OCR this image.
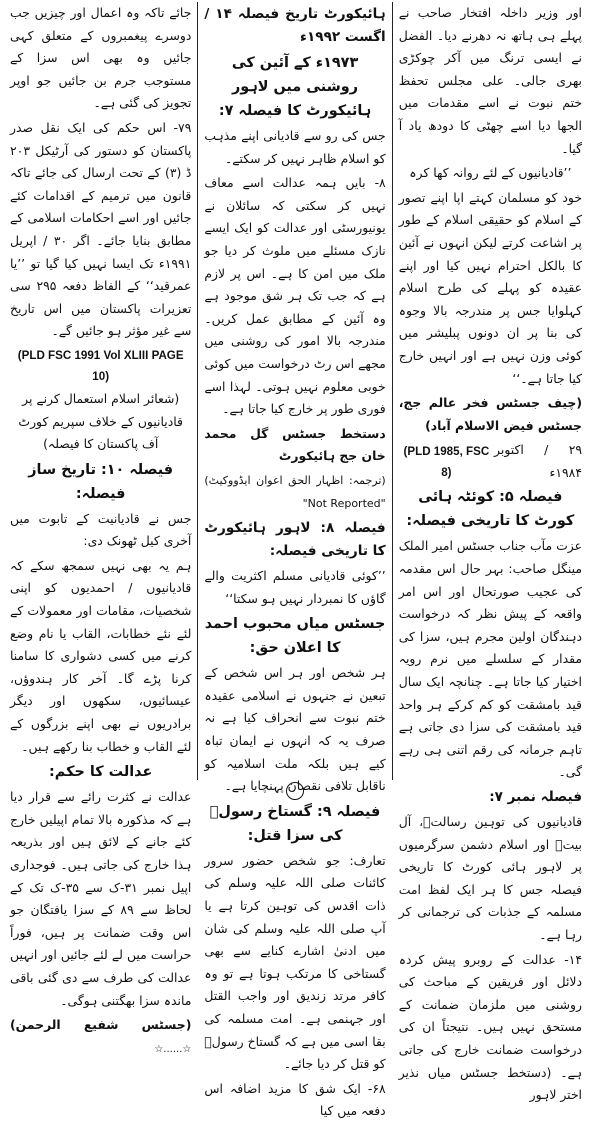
اور وزیر داخلہ افتخار صاحب نے پہلے ہی ہاتھ نہ دھرنے دیا۔ الفضل نے ایسی ترنگ میں آکر چوکڑی بھری جالی۔ علی مجلس تحفظ ختم نبوت نے اسے مقدمات میں الجھا دیا اسے چھٹی کا دودھ یاد آ گیا۔

’’قادیانیوں کے لئے روانہ کھا کرہ

خود کو مسلمان کہتے اپا اپنے تصور کے اسلام کو حقیقی اسلام کے طور پر اشاعت کرتے لیکن انہوں نے آئین کا بالکل احترام نہیں کیا اور اپنے عقیدہ کو پہلے کی طرح اسلام کہلوایا جس پر مندرجہ بالا وجوہ کی بنا پر ان دونوں پبلیشر میں کوئی وزن نہیں ہے اور انہیں خارج کیا جاتا ہے۔‘‘

(چیف جسٹس فخر عالم جج، جسٹس فیض الاسلام آباد)

۲۹ / اکتوبر ۱۹۸۴ء
(PLD 1985, FSC 8)

فیصلہ ۵: کوئٹہ ہائی کورٹ کا تاریخی فیصلہ:

عزت مآب جناب جسٹس امیر الملک مینگل صاحب: بہر حال اس مقدمہ کی عجیب صورتحال اور اس امر واقعہ کے پیش نظر کہ درخواست دہندگان اولین مجرم ہیں، سزا کی مقدار کے سلسلے میں نرم رویہ اختیار کیا جاتا ہے۔ چنانچہ ایک سال قید بامشقت کو کم کرکے ہر واحد قید بامشقت کی سزا دی جاتی ہے تاہم جرمانہ کی رقم اتنی ہی رہے گی۔

فیصلہ نمبر ۷:

قادیانیوں کی توہین رسالتؐ، آل بیتؓ اور اسلام دشمن سرگرمیوں پر لاہور ہائی کورٹ کا تاریخی فیصلہ جس کا ہر ایک لفظ امت مسلمہ کے جذبات کی ترجمانی کر رہا ہے۔

۱۴- عدالت کے روبرو پیش کردہ دلائل اور فریقین کے مباحث کی روشنی میں ملزمان ضمانت کے مستحق نہیں ہیں۔ نتیجتاً ان کی درخواست ضمانت خارج کی جاتی ہے۔ (دستخط جسٹس میاں نذیر اختر لاہور

ہائیکورٹ تاریخ فیصلہ ۱۴ / اگست ۱۹۹۲ء

۱۹۷۳ء کے آئین کی روشنی میں لاہور ہائیکورٹ کا فیصلہ ۷:

جس کی رو سے قادیانی اپنے مذہب کو اسلام ظاہر نہیں کر سکتے۔

۸- بایں ہمہ عدالت اسے معاف نہیں کر سکتی کہ سائلان نے یونیورسٹی اور عدالت کو ایک ایسے نازک مسئلے میں ملوث کر دیا جو ملک میں امن کا ہے۔ اس پر لازم ہے کہ جب تک ہر شق موجود ہے وہ آئین کے مطابق عمل کریں۔ مندرجہ بالا امور کی روشنی میں مجھے اس رٹ درخواست میں کوئی خوبی معلوم نہیں ہوتی۔ لہذا اسے فوری طور پر خارج کیا جاتا ہے۔

دستخط جسٹس گل محمد خان جج ہائیکورٹ

(ترجمہ: اظہار الحق اعوان ایڈووکیٹ) "Not Reported"

فیصلہ ۸: لاہور ہائیکورٹ کا تاریخی فیصلہ:

’’کوئی قادیانی مسلم اکثریت والے گاؤں کا نمبردار نہیں ہو سکتا‘‘

جسٹس میاں محبوب احمد کا اعلان حق:

ہر شخص اور ہر اس شخص کے تبعین نے جنہوں نے اسلامی عقیدہ ختم نبوت سے انحراف کیا ہے نہ صرف یہ کہ انہوں نے ایمان تباہ کیے ہیں بلکہ ملت اسلامیہ کو ناقابل تلافی نقصان پہنچایا ہے۔

فیصلہ ۹: گستاخ رسولؐ کی سزا قتل:

تعارف: جو شخص حضور سرور کائنات صلی اللہ علیہ وسلم کی ذات اقدس کی توہین کرتا ہے یا آپ صلی اللہ علیہ وسلم کی شان میں ادنیٰ اشارے کنایے سے بھی گستاخی کا مرتکب ہوتا ہے تو وہ کافر مرتد زندیق اور واجب القتل اور جہنمی ہے۔ امت مسلمہ کی بقا اسی میں ہے کہ گستاخ رسولؐ کو قتل کر دیا جائے۔

۶۸- ایک شق کا مزید اضافہ اس دفعہ میں کیا

جائے تاکہ وہ اعمال اور چیزیں جب دوسرے پیغمبروں کے متعلق کہی جائیں وہ بھی اس سزا کے مستوجب جرم بن جائیں جو اوپر تجویز کی گئی ہے۔

۷۹- اس حکم کی ایک نقل صدر پاکستان کو دستور کی آرٹیکل ۲۰۳ ڈ (۳) کے تحت ارسال کی جائے تاکہ قانون میں ترمیم کے اقدامات کئے جائیں اور اسے احکامات اسلامی کے مطابق بنایا جائے۔ اگر ۳۰ / اپریل ۱۹۹۱ء تک ایسا نہیں کیا گیا تو ’’یا عمرقید‘‘ کے الفاظ دفعہ ۲۹۵ سی تعزیرات پاکستان میں اس تاریخ سے غیر مؤثر ہو جائیں گے۔

(PLD FSC 1991 Vol XLIII PAGE 10)

(شعائر اسلام استعمال کرنے پر قادیانیوں کے خلاف سپریم کورٹ آف پاکستان کا فیصلہ)

فیصلہ ۱۰: تاریخ ساز فیصلہ:

جس نے قادیانیت کے تابوت میں آخری کیل ٹھونک دی:

ہم یہ بھی نہیں سمجھ سکے کہ قادیانیوں / احمدیوں کو اپنی شخصیات، مقامات اور معمولات کے لئے نئے خطابات، القاب یا نام وضع کرنے میں کسی دشواری کا سامنا کرنا پڑے گا۔ آخر کار ہندوؤں، عیسائیوں، سکھوں اور دیگر برادریوں نے بھی اپنے بزرگوں کے لئے القاب و خطاب بنا رکھے ہیں۔

عدالت کا حکم:

عدالت نے کثرت رائے سے قرار دیا ہے کہ مذکورہ بالا تمام اپیلیں خارج کئے جانے کے لائق ہیں اور بذریعہ ہذا خارج کی جاتی ہیں۔ فوجداری اپیل نمبر ۳۱-ک سے ۳۵-ک تک کے لحاظ سے ۸۹ کے سزا یافتگان جو اس وقت ضمانت پر ہیں، فوراً حراست میں لے لئے جائیں اور انہیں عدالت کی طرف سے دی گئی باقی ماندہ سزا بھگتنی ہوگی۔

(جسٹس شفیع الرحمن) ☆......☆
